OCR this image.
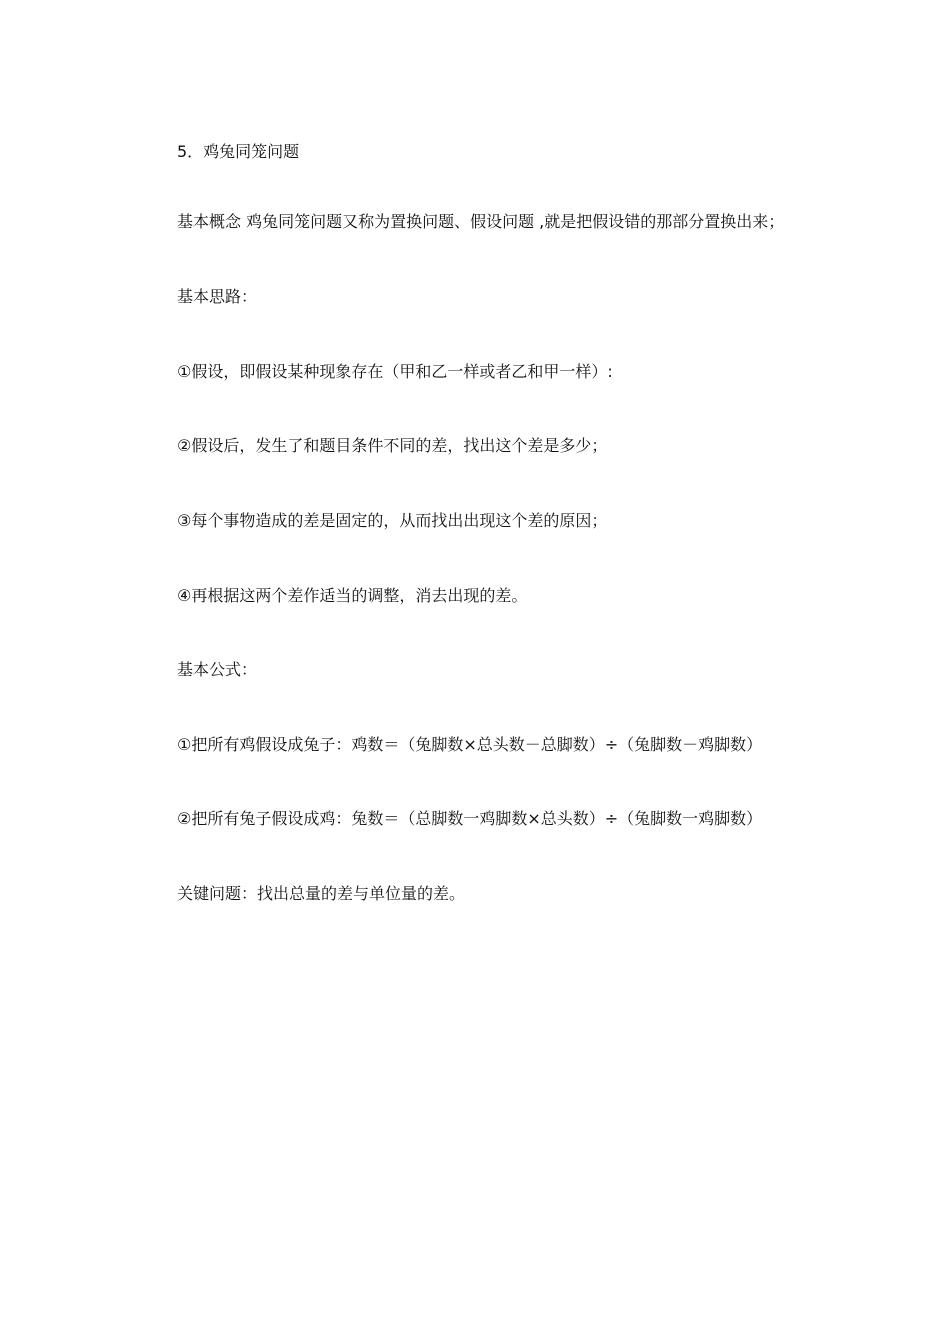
5．鸡兔同笼问题
基本概念 鸡兔同笼问题又称为置换问题、假设问题 ,就是把假设错的那部分置换出来；
基本思路：
①假设，即假设某种现象存在（甲和乙一样或者乙和甲一样）:
②假设后，发生了和题目条件不同的差，找出这个差是多少；
③每个事物造成的差是固定的，从而找出出现这个差的原因；
④再根据这两个差作适当的调整，消去出现的差。
基本公式：
①把所有鸡假设成兔子：鸡数＝（兔脚数×总头数－总脚数）÷（兔脚数－鸡脚数）
②把所有兔子假设成鸡：兔数＝（总脚数一鸡脚数×总头数）÷（兔脚数一鸡脚数）
关键问题：找出总量的差与单位量的差。
